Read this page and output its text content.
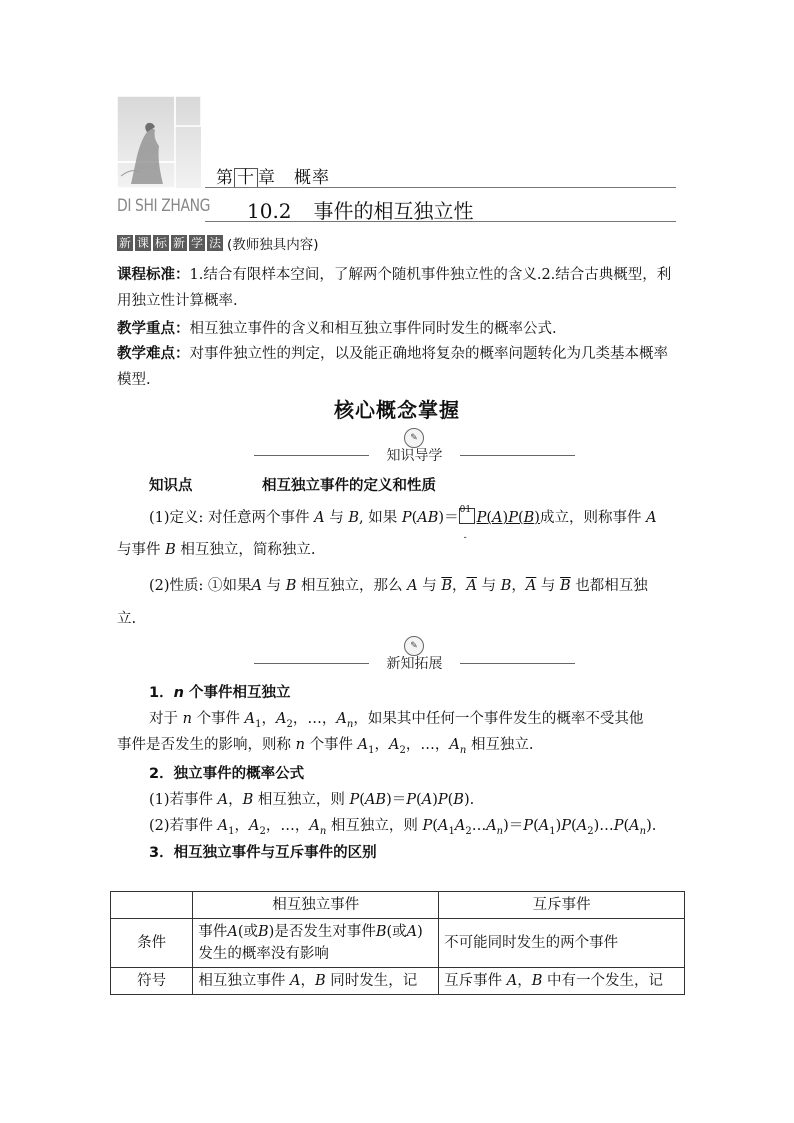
第 十 章 概率
DI SHI ZHANG 10.2 事件的相互独立性
新 课 标 新 学 法 (教师独具内容)
课程标准：1.结合有限样本空间，了解两个随机事件独立性的含义.2.结合古典概型，利用独立性计算概率.
教学重点：相互独立事件的含义和相互独立事件同时发生的概率公式.
教学难点：对事件独立性的判定，以及能正确地将复杂的概率问题转化为几类基本概率模型.
核心概念掌握
✎
知识导学
知识点	相互独立事件的定义和性质
(1)定义: 对任意两个事件 A 与 B, 如果 P(AB)＝ 01
-
P(A)P(B)成立，则称事件 A
与事件 B 相互独立，简称独立.
(2)性质: ①如果A 与 B 相互独立，那么 A 与 $\overline{B}$，$\overline{A}$ 与 B，$\overline{A}$ 与 $\overline{B}$ 也都相互独
立.
✎
新知拓展
1．n 个事件相互独立
对于 n 个事件 $A_1$，$A_2$，…，$A_n$，如果其中任何一个事件发生的概率不受其他
事件是否发生的影响，则称 n 个事件 $A_1$，$A_2$，…，$A_n$ 相互独立.
2．独立事件的概率公式
(1)若事件 A，B 相互独立，则 P(AB)＝P(A)P(B).
(2)若事件 $A_1$，$A_2$，…，$A_n$ 相互独立，则 $P(A_1A_2\dots A_n)=P(A_1)P(A_2)\dots P(A_n)$.
3．相互独立事件与互斥事件的区别
	相互独立事件	互斥事件
条件	事件A(或B)是否发生对事件B(或A)发生的概率没有影响	不可能同时发生的两个事件
符号	相互独立事件 A，B 同时发生，记	互斥事件 A，B 中有一个发生，记
